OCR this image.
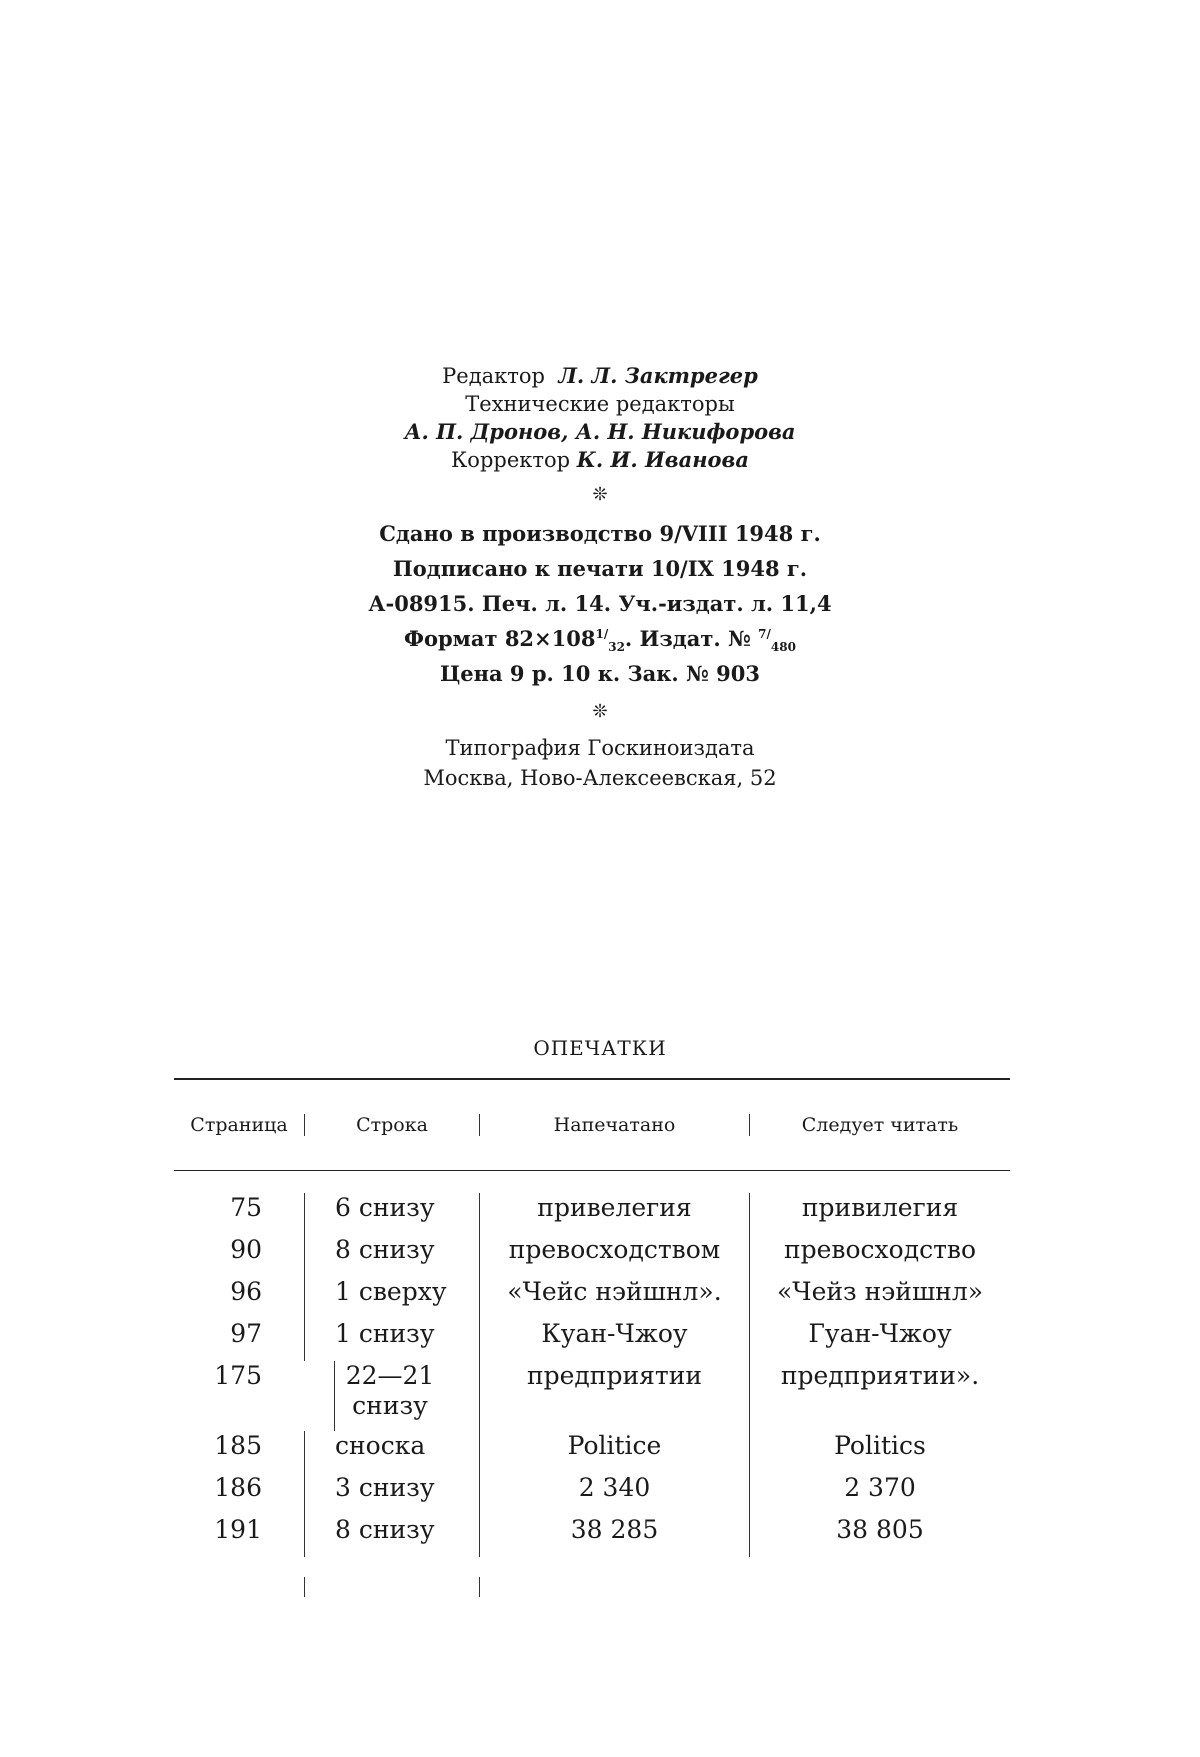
Редактор Л. Л. Зактрегер
Технические редакторы
А. П. Дронов, А. Н. Никифорова
Корректор К. И. Иванова
❊
Сдано в производство 9/VIII 1948 г.
Подписано к печати 10/IX 1948 г.
А-08915. Печ. л. 14. Уч.-издат. л. 11,4
Формат 82×1081/32. Издат. № 7/480
Цена 9 р. 10 к. Зак. № 903
❊
Типография Госкиноиздата
Москва, Ново-Алексеевская, 52
ОПЕЧАТКИ
Страница	Строка	Напечатано	Следует читать
75	6 снизу	привелегия	привилегия
90	8 снизу	превосходством	превосходство
96	1 сверху	«Чейс нэйшнл».	«Чейз нэйшнл»
97	1 снизу	Куан-Чжоу	Гуан-Чжоу
175	22—21 снизу
предприятии	предприятии».
185	сноска	Politice	Politics
186	3 снизу	2 340	2 370
191	8 снизу	38 285	38 805
